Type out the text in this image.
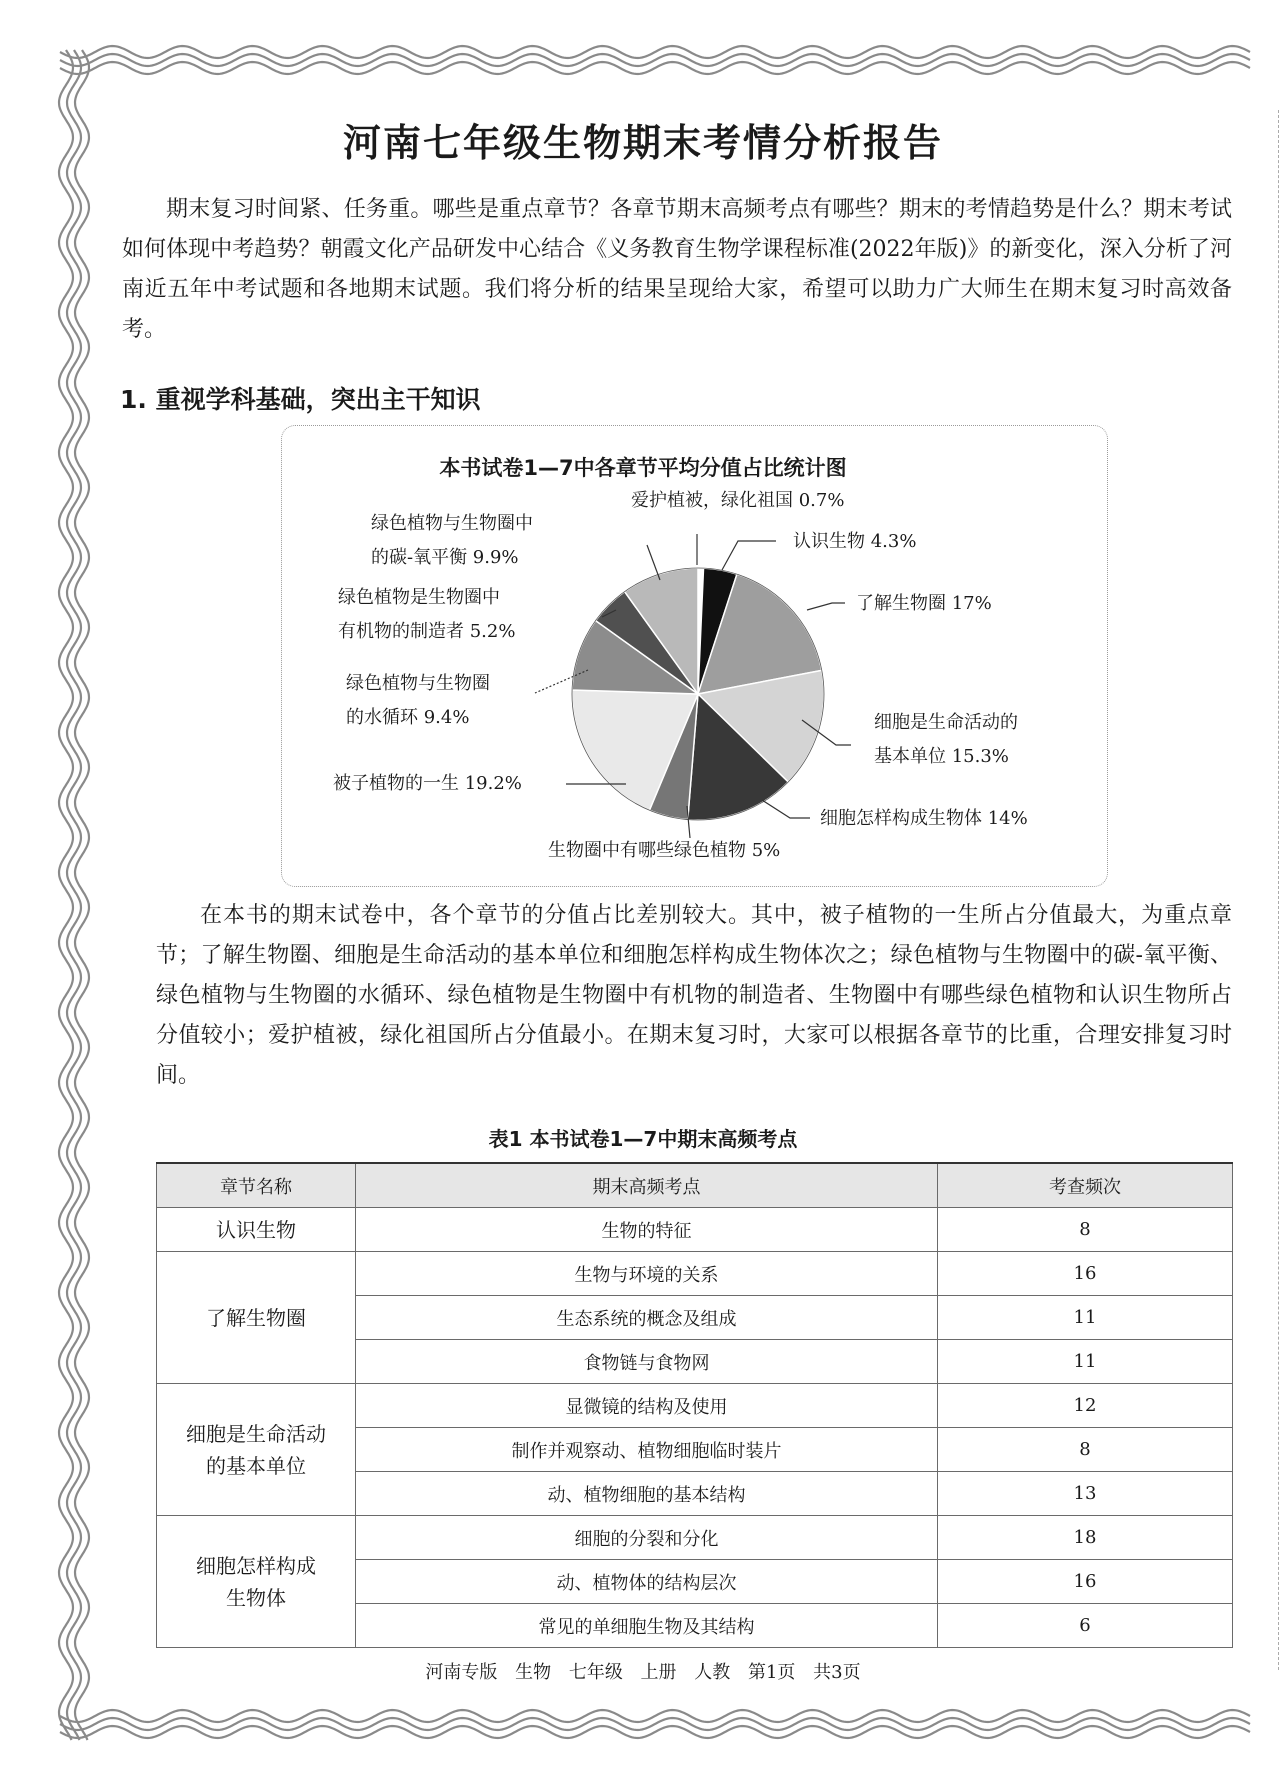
河南七年级生物期末考情分析报告

期末复习时间紧、任务重。哪些是重点章节？各章节期末高频考点有哪些？期末的考情趋势是什么？期末考试如何体现中考趋势？朝霞文化产品研发中心结合《义务教育生物学课程标准(2022年版)》的新变化，深入分析了河南近五年中考试题和各地期末试题。我们将分析的结果呈现给大家，希望可以助力广大师生在期末复习时高效备考。

1. 重视学科基础，突出主干知识
本书试卷1—7中各章节平均分值占比统计图
爱护植被，绿化祖国 0.7%
认识生物 4.3%
了解生物圈 17%
细胞是生命活动的
基本单位 15.3%
细胞怎样构成生物体 14%
生物圈中有哪些绿色植物 5%
被子植物的一生 19.2%
绿色植物与生物圈
的水循环 9.4%
绿色植物是生物圈中
有机物的制造者 5.2%
绿色植物与生物圈中
的碳-氧平衡 9.9%

在本书的期末试卷中，各个章节的分值占比差别较大。其中，被子植物的一生所占分值最大，为重点章节；了解生物圈、细胞是生命活动的基本单位和细胞怎样构成生物体次之；绿色植物与生物圈中的碳-氧平衡、绿色植物与生物圈的水循环、绿色植物是生物圈中有机物的制造者、生物圈中有哪些绿色植物和认识生物所占分值较小；爱护植被，绿化祖国所占分值最小。在期末复习时，大家可以根据各章节的比重，合理安排复习时间。

表1 本书试卷1—7中期末高频考点
章节名称	期末高频考点	考查频次
认识生物	生物的特征	8
了解生物圈	生物与环境的关系	16
	生态系统的概念及组成	11
	食物链与食物网	11
细胞是生命活动
的基本单位	显微镜的结构及使用	12
	制作并观察动、植物细胞临时装片	8
	动、植物细胞的基本结构	13
细胞怎样构成
生物体	细胞的分裂和分化	18
	动、植物体的结构层次	16
	常见的单细胞生物及其结构	6
河南专版 生物 七年级 上册 人教 第1页 共3页
